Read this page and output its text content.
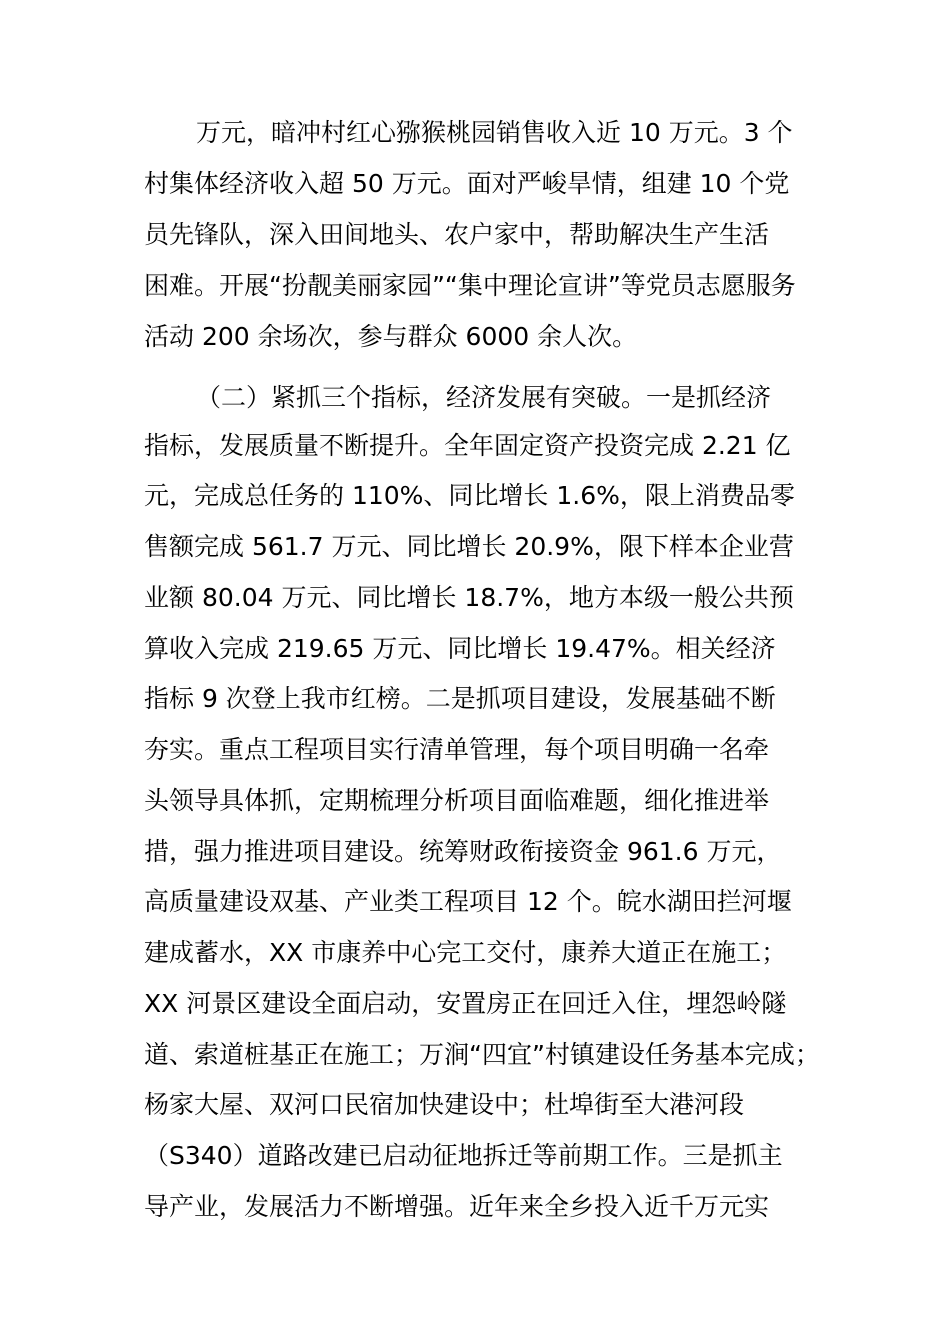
万元，暗冲村红心猕猴桃园销售收入近 10 万元。3 个
村集体经济收入超 50 万元。面对严峻旱情，组建 10 个党
员先锋队，深入田间地头、农户家中，帮助解决生产生活
困难。开展“扮靓美丽家园”“集中理论宣讲”等党员志愿服务
活动 200 余场次，参与群众 6000 余人次。
（二）紧抓三个指标，经济发展有突破。一是抓经济
指标，发展质量不断提升。全年固定资产投资完成 2.21 亿
元，完成总任务的 110%、同比增长 1.6%，限上消费品零
售额完成 561.7 万元、同比增长 20.9%，限下样本企业营
业额 80.04 万元、同比增长 18.7%，地方本级一般公共预
算收入完成 219.65 万元、同比增长 19.47%。相关经济
指标 9 次登上我市红榜。二是抓项目建设，发展基础不断
夯实。重点工程项目实行清单管理，每个项目明确一名牵
头领导具体抓，定期梳理分析项目面临难题，细化推进举
措，强力推进项目建设。统筹财政衔接资金 961.6 万元，
高质量建设双基、产业类工程项目 12 个。皖水湖田拦河堰
建成蓄水，XX 市康养中心完工交付，康养大道正在施工；
XX 河景区建设全面启动，安置房正在回迁入住，埋怨岭隧
道、索道桩基正在施工；万涧“四宜”村镇建设任务基本完成；
杨家大屋、双河口民宿加快建设中；杜埠街至大港河段
（S340）道路改建已启动征地拆迁等前期工作。三是抓主
导产业，发展活力不断增强。近年来全乡投入近千万元实
